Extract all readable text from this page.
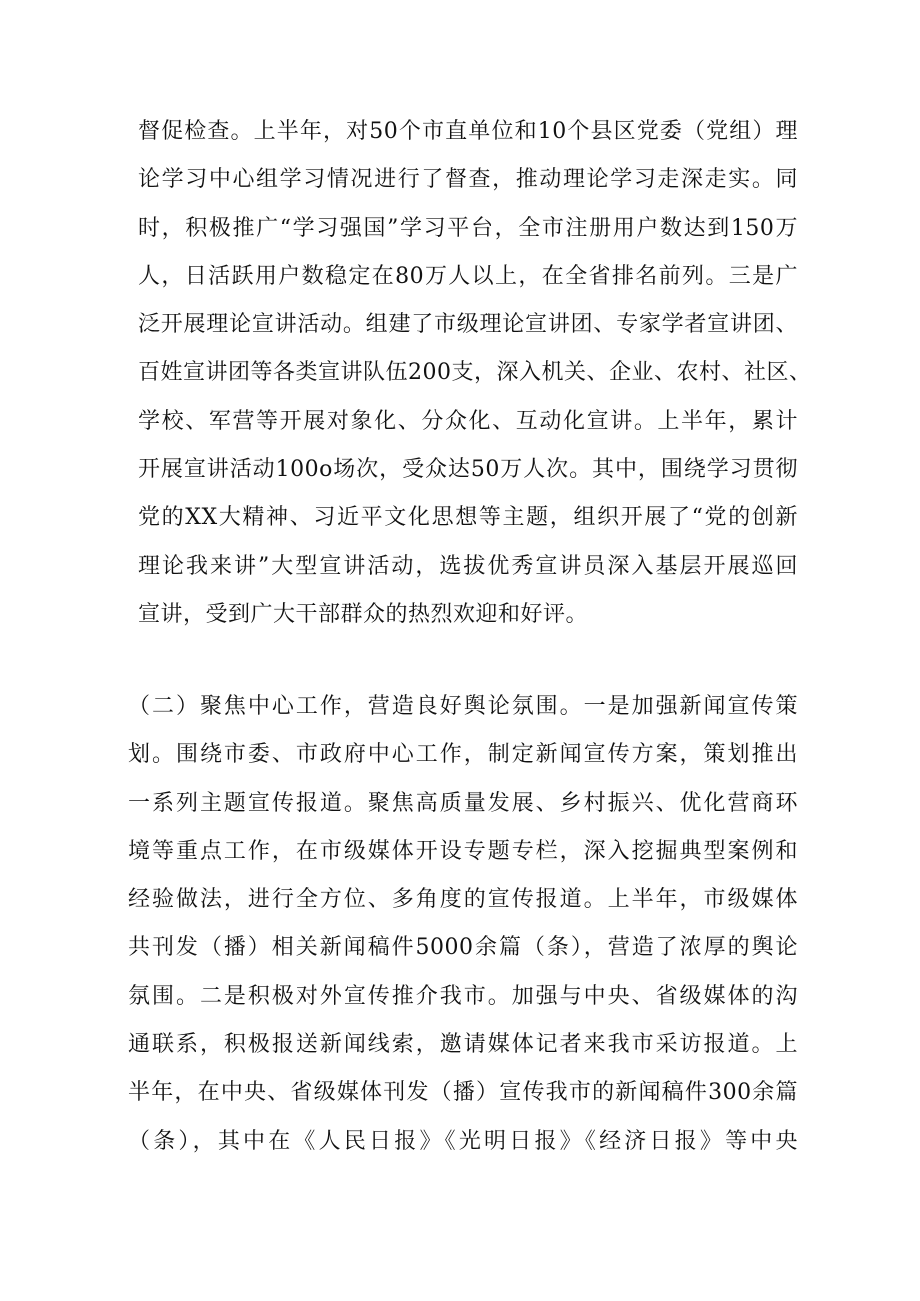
督促检查。上半年，对50个市直单位和10个县区党委（党组）理
论学习中心组学习情况进行了督查，推动理论学习走深走实。同
时，积极推广“学习强国”学习平台，全市注册用户数达到150万
人，日活跃用户数稳定在80万人以上，在全省排名前列。三是广
泛开展理论宣讲活动。组建了市级理论宣讲团、专家学者宣讲团、
百姓宣讲团等各类宣讲队伍200支，深入机关、企业、农村、社区、
学校、军营等开展对象化、分众化、互动化宣讲。上半年，累计
开展宣讲活动100o场次，受众达50万人次。其中，围绕学习贯彻
党的XX大精神、习近平文化思想等主题，组织开展了“党的创新
理论我来讲”大型宣讲活动，选拔优秀宣讲员深入基层开展巡回
宣讲，受到广大干部群众的热烈欢迎和好评。
（二）聚焦中心工作，营造良好舆论氛围。一是加强新闻宣传策
划。围绕市委、市政府中心工作，制定新闻宣传方案，策划推出
一系列主题宣传报道。聚焦高质量发展、乡村振兴、优化营商环
境等重点工作，在市级媒体开设专题专栏，深入挖掘典型案例和
经验做法，进行全方位、多角度的宣传报道。上半年，市级媒体
共刊发（播）相关新闻稿件5000余篇（条），营造了浓厚的舆论
氛围。二是积极对外宣传推介我市。加强与中央、省级媒体的沟
通联系，积极报送新闻线索，邀请媒体记者来我市采访报道。上
半年，在中央、省级媒体刊发（播）宣传我市的新闻稿件300余篇
（条），其中在《人民日报》《光明日报》《经济日报》等中央
